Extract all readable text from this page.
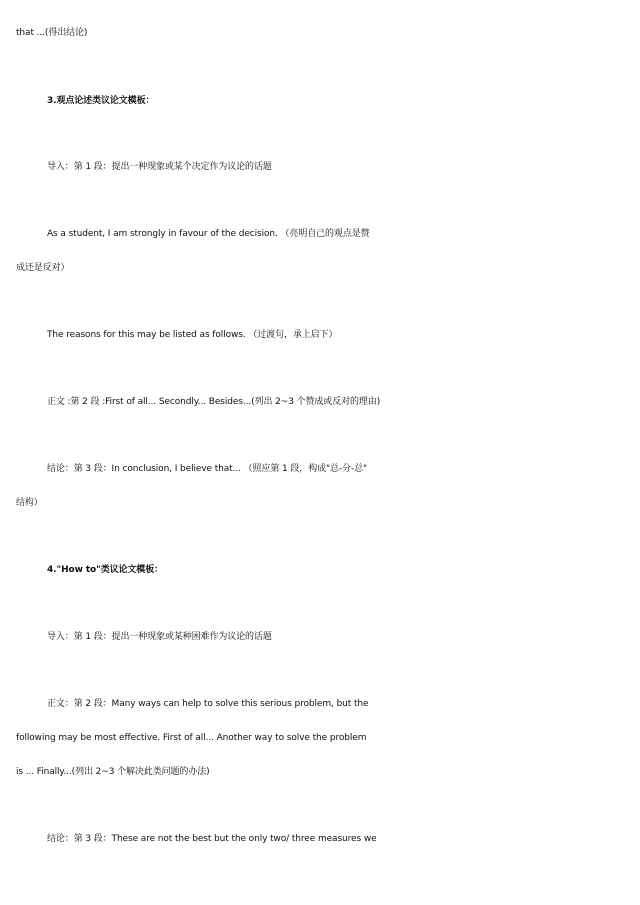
that ...(得出结论)
3.观点论述类议论文模板：
导入：第 1 段：提出一种现象或某个决定作为议论的话题
As a student, I am strongly in favour of the decision. （亮明自己的观点是赞
成还是反对）
The reasons for this may be listed as follows. （过渡句，承上启下）
正文 :第 2 段 :First of all... Secondly... Besides...(列出 2~3 个赞成或反对的理由)
结论：第 3 段：In conclusion, I believe that... （照应第 1 段，构成"总-分-总"
结构）
4."How to"类议论文模板：
导入：第 1 段：提出一种现象或某种困难作为议论的话题
正文：第 2 段：Many ways can help to solve this serious problem, but the
following may be most effective. First of all... Another way to solve the problem
is ... Finally...(列出 2~3 个解决此类问题的办法)
结论：第 3 段：These are not the best but the only two/ three measures we
